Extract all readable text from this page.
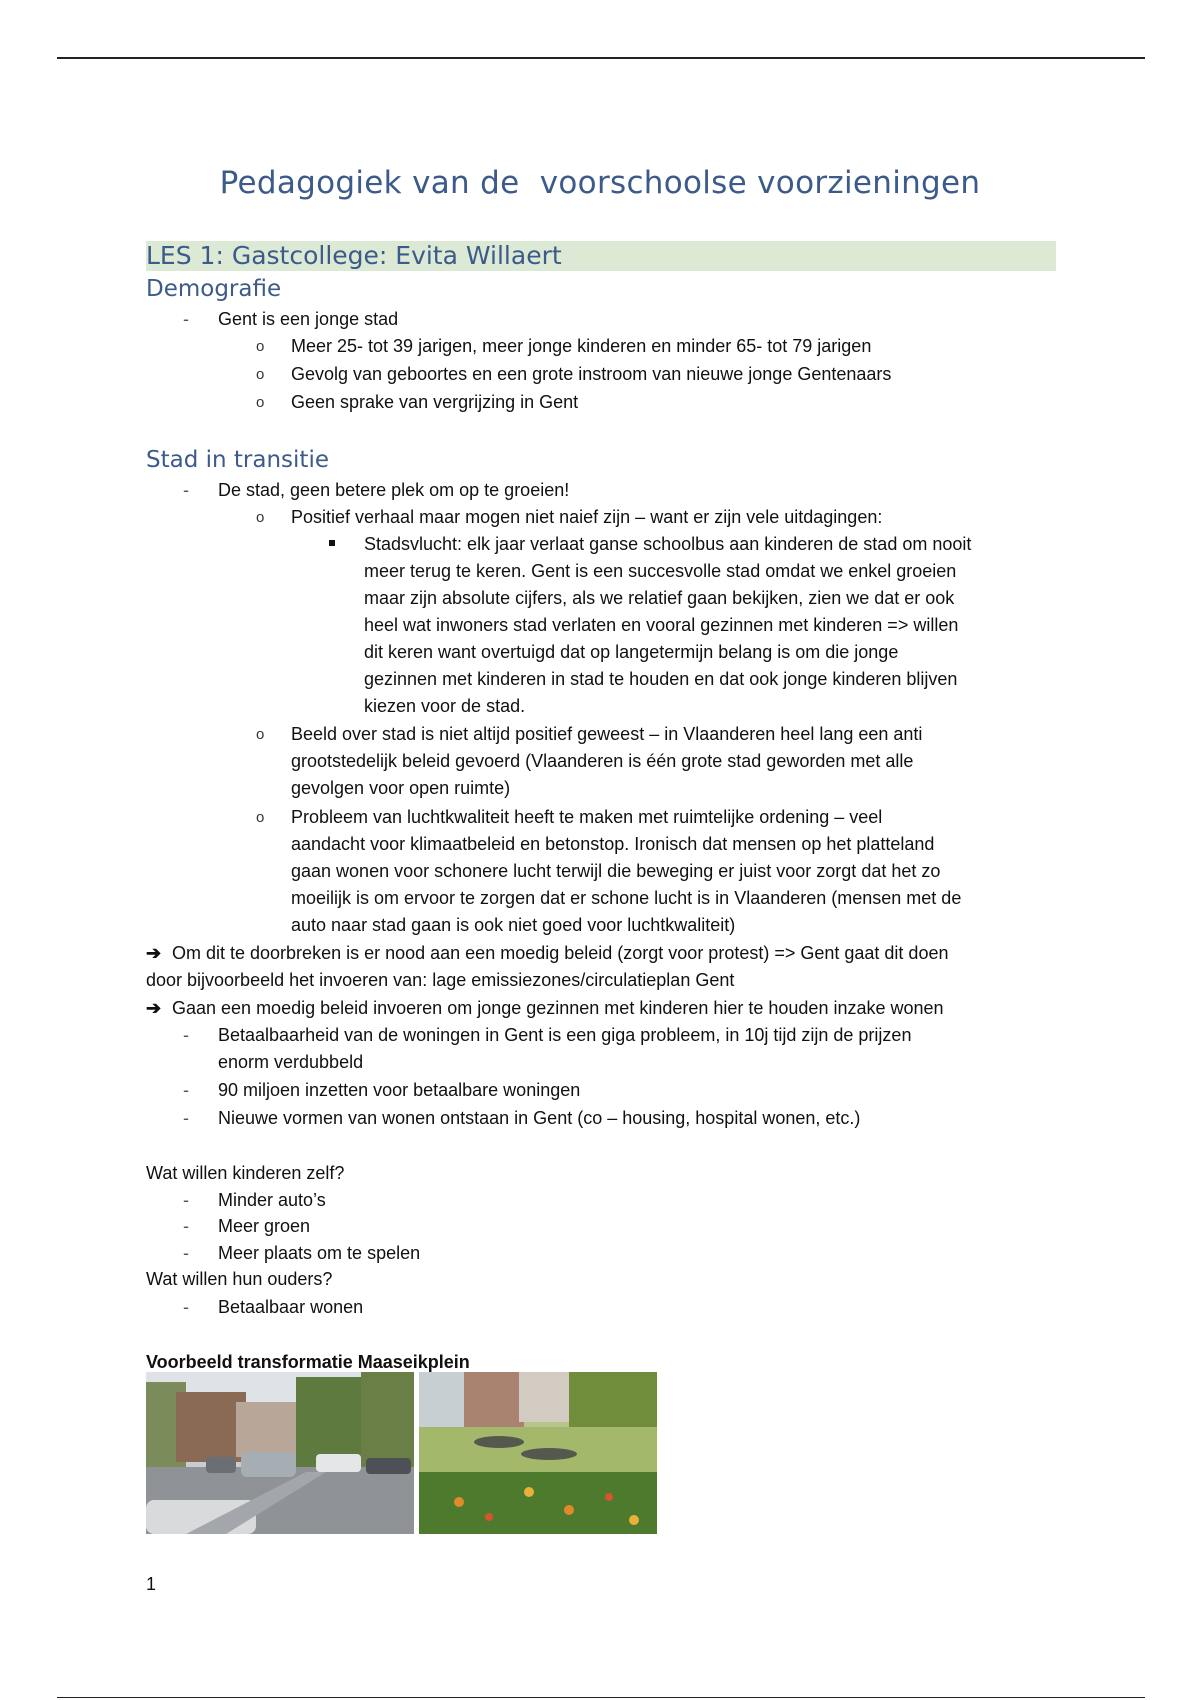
Pedagogiek van de  voorschoolse voorzieningen
LES 1: Gastcollege: Evita Willaert
Demografie
- Gent is een jonge stad
o Meer 25- tot 39 jarigen, meer jonge kinderen en minder 65- tot 79 jarigen
o Gevolg van geboortes en een grote instroom van nieuwe jonge Gentenaars
o Geen sprake van vergrijzing in Gent
Stad in transitie
- De stad, geen betere plek om op te groeien!
o Positief verhaal maar mogen niet naief zijn – want er zijn vele uitdagingen:
Stadsvlucht: elk jaar verlaat ganse schoolbus aan kinderen de stad om nooit
meer terug te keren. Gent is een succesvolle stad omdat we enkel groeien
maar zijn absolute cijfers, als we relatief gaan bekijken, zien we dat er ook
heel wat inwoners stad verlaten en vooral gezinnen met kinderen => willen
dit keren want overtuigd dat op langetermijn belang is om die jonge
gezinnen met kinderen in stad te houden en dat ook jonge kinderen blijven
kiezen voor de stad.
o Beeld over stad is niet altijd positief geweest – in Vlaanderen heel lang een anti
grootstedelijk beleid gevoerd (Vlaanderen is één grote stad geworden met alle
gevolgen voor open ruimte)
o Probleem van luchtkwaliteit heeft te maken met ruimtelijke ordening – veel
aandacht voor klimaatbeleid en betonstop. Ironisch dat mensen op het platteland
gaan wonen voor schonere lucht terwijl die beweging er juist voor zorgt dat het zo
moeilijk is om ervoor te zorgen dat er schone lucht is in Vlaanderen (mensen met de
auto naar stad gaan is ook niet goed voor luchtkwaliteit)
➔ Om dit te doorbreken is er nood aan een moedig beleid (zorgt voor protest) => Gent gaat dit doen
door bijvoorbeeld het invoeren van: lage emissiezones/circulatieplan Gent
➔ Gaan een moedig beleid invoeren om jonge gezinnen met kinderen hier te houden inzake wonen
- Betaalbaarheid van de woningen in Gent is een giga probleem, in 10j tijd zijn de prijzen
enorm verdubbeld
- 90 miljoen inzetten voor betaalbare woningen
- Nieuwe vormen van wonen ontstaan in Gent (co – housing, hospital wonen, etc.)
Wat willen kinderen zelf?
- Minder auto’s
- Meer groen
- Meer plaats om te spelen
Wat willen hun ouders?
- Betaalbaar wonen
Voorbeeld transformatie Maaseikplein
1
